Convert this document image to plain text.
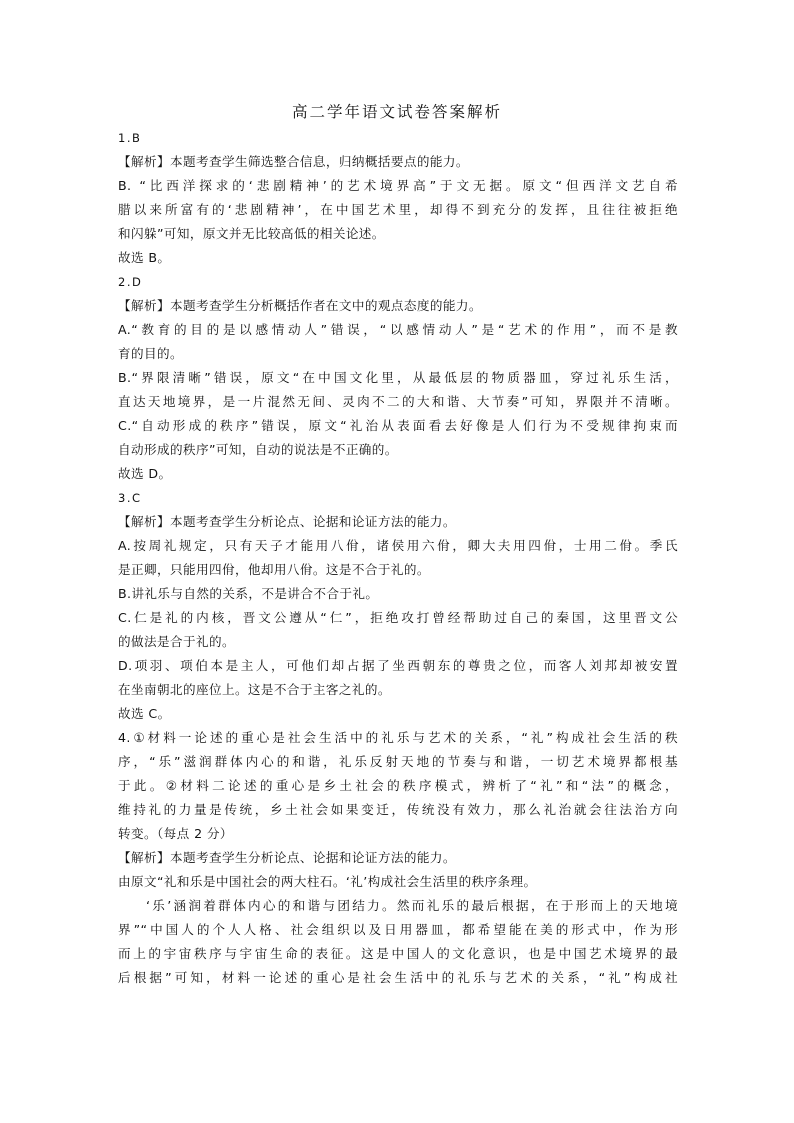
高二学年语文试卷答案解析
1.B
【解析】本题考查学生筛选整合信息，归纳概括要点的能力。
B. “比西洋探求的‘悲剧精神’的艺术境界高”于文无据。原文“但西洋文艺自希
腊以来所富有的‘悲剧精神’，在中国艺术里，却得不到充分的发挥，且往往被拒绝
和闪躲”可知，原文并无比较高低的相关论述。
故选 B。
2.D
【解析】本题考查学生分析概括作者在文中的观点态度的能力。
A.“教育的目的是以感情动人”错误，“以感情动人”是“艺术的作用”，而不是教
育的目的。
B.“界限清晰”错误，原文“在中国文化里，从最低层的物质器皿，穿过礼乐生活，
直达天地境界，是一片混然无间、灵肉不二的大和谐、大节奏”可知，界限并不清晰。
C.“自动形成的秩序”错误，原文“礼治从表面看去好像是人们行为不受规律拘束而
自动形成的秩序”可知，自动的说法是不正确的。
故选 D。
3.C
【解析】本题考查学生分析论点、论据和论证方法的能力。
A.按周礼规定，只有天子才能用八佾，诸侯用六佾，卿大夫用四佾，士用二佾。季氏
是正卿，只能用四佾，他却用八佾。这是不合于礼的。
B.讲礼乐与自然的关系，不是讲合不合于礼。
C.仁是礼的内核，晋文公遵从“仁”，拒绝攻打曾经帮助过自己的秦国，这里晋文公
的做法是合于礼的。
D.项羽、项伯本是主人，可他们却占据了坐西朝东的尊贵之位，而客人刘邦却被安置
在坐南朝北的座位上。这是不合于主客之礼的。
故选 C。
4.①材料一论述的重心是社会生活中的礼乐与艺术的关系，“礼”构成社会生活的秩
序，“乐”滋润群体内心的和谐，礼乐反射天地的节奏与和谐，一切艺术境界都根基
于此。②材料二论述的重心是乡土社会的秩序模式，辨析了“礼”和“法”的概念，
维持礼的力量是传统，乡土社会如果变迁，传统没有效力，那么礼治就会往法治方向
转变。（每点 2 分）
【解析】本题考查学生分析论点、论据和论证方法的能力。
由原文“礼和乐是中国社会的两大柱石。‘礼’构成社会生活里的秩序条理。
‘乐’涵润着群体内心的和谐与团结力。然而礼乐的最后根据，在于形而上的天地境
界”“中国人的个人人格、社会组织以及日用器皿，都希望能在美的形式中，作为形
而上的宇宙秩序与宇宙生命的表征。这是中国人的文化意识，也是中国艺术境界的最
后根据”可知，材料一论述的重心是社会生活中的礼乐与艺术的关系，“礼”构成社
